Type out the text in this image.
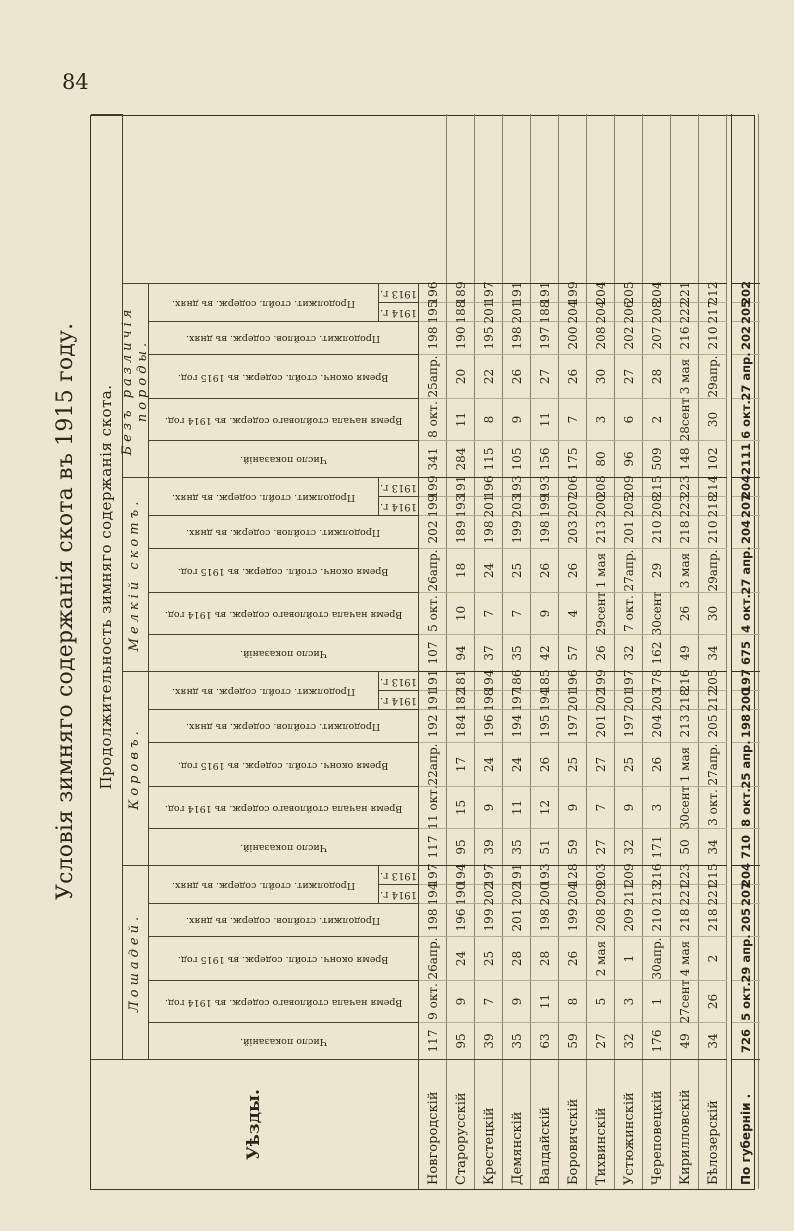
84
Условія зимняго содержанія скота въ 1915 году. Продолжительность зимняго содержанія скота.
Уѣзды.
Лошадей.
Число показаній.
Время начала стойловаго содерж. въ 1914 год.
Время оконч. стойл. содерж. въ 1915 год.
Продолжит. стойлов. содерж. въ днях.
Продолжит. стойл. содерж. въ днях.
1914 г.
1913 г.
Коровъ.
Число показаній.
Время начала стойловаго содерж. въ 1914 год.
Время оконч. стойл. содерж. въ 1915 год.
Продолжит. стойлов. содерж. въ днях.
Продолжит. стойл. содерж. въ днях.
1914 г.
1913 г.
Мелкій скотъ.
Число показаній.
Время начала стойловаго содерж. въ 1914 год.
Время оконч. стойл. содерж. въ 1915 год.
Продолжит. стойлов. содерж. въ днях.
Продолжит. стойл. содерж. въ днях.
1914 г.
1913 г.
Безъ различія породы.
Число показаній.
Время начала стойловаго содерж. въ 1914 год.
Время оконч. стойл. содерж. въ 1915 год.
Продолжит. стойлов. содерж. въ днях.
Продолжит. стойл. содерж. въ днях.
1914 г.
1913 г.
Новгородскій
117
9 окт.
26апр.
198
194
197
117
11 окт.
22апр.
192
191
191
107
5 окт.
26апр.
202
199
199
341
8 окт.
25апр.
198
195
196
Старорусскій
95
9
24
196
190
194
95
15
17
184
182
181
94
10
18
189
193
191
284
11
20
190
188
189
Крестецкій
39
7
25
199
202
197
39
9
24
196
198
194
37
7
24
198
201
196
115
8
22
195
201
197
Демянскій
35
9
28
201
202
191
35
11
24
194
197
186
35
7
25
199
203
193
105
9
26
198
201
191
Валдайскій
63
11
28
198
200
193
51
12
26
195
194
185
42
9
26
198
199
193
156
11
27
197
188
191
Боровичскій
59
8
26
199
204
128
59
9
25
197
201
196
57
4
26
203
207
206
175
7
26
200
204
199
Тихвинскій
27
5
2 мая
208
209
203
27
7
27
201
202
199
26
29сент
1 мая
213
200
208
80
3
30
208
204
204
Устюжинскій
32
3
1
209
211
209
32
9
25
197
201
197
32
7 окт.
27апр.
201
205
209
96
6
27
202
206
205
Череповецкій
176
1
30апр.
210
213
216
171
3
26
204
203
178
162
30сент
29
210
208
215
509
2
28
207
208
204
Кирилловскій
49
27сент
4 мая
218
221
223
50
30сент
1 мая
213
218
216
49
26
3 мая
218
223
223
148
28сент
3 мая
216
222
221
Бѣлозерскій
34
26
2
218
221
215
34
3 окт.
27апр.
205
212
205
34
30
29апр.
210
218
214
102
30
29апр.
210
217
212
По губерніи .
726
5 окт.
29 апр.
205
207
204
710
8 окт.
25 апр.
198
200
197
675
4 окт.
27 апр.
204
207
204
2111
6 окт.
27 апр.
202
205
202
